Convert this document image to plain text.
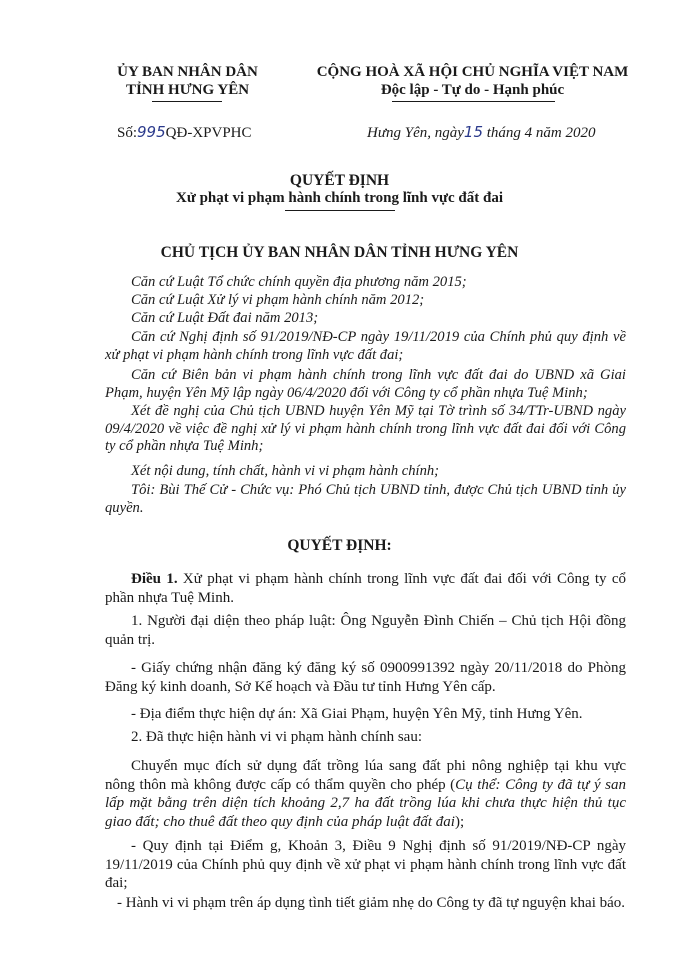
ỦY BAN NHÂN DÂN
TỈNH HƯNG YÊN
CỘNG HOÀ XÃ HỘI CHỦ NGHĨA VIỆT NAM
Độc lập - Tự do - Hạnh phúc
Số:995QĐ-XPVPHC	Hưng Yên, ngày15 tháng 4 năm 2020
QUYẾT ĐỊNH
Xử phạt vi phạm hành chính trong lĩnh vực đất đai
CHỦ TỊCH ỦY BAN NHÂN DÂN TỈNH HƯNG YÊN
Căn cứ Luật Tổ chức chính quyền địa phương năm 2015;
Căn cứ Luật Xử lý vi phạm hành chính năm 2012;
Căn cứ Luật Đất đai năm 2013;
Căn cứ Nghị định số 91/2019/NĐ-CP ngày 19/11/2019 của Chính phủ quy định về xử phạt vi phạm hành chính trong lĩnh vực đất đai;
Căn cứ Biên bản vi phạm hành chính trong lĩnh vực đất đai do UBND xã Giai Phạm, huyện Yên Mỹ lập ngày 06/4/2020 đối với Công ty cổ phần nhựa Tuệ Minh;
Xét đề nghị của Chủ tịch UBND huyện Yên Mỹ tại Tờ trình số 34/TTr-UBND ngày 09/4/2020 về việc đề nghị xử lý vi phạm hành chính trong lĩnh vực đất đai đối với Công ty cổ phần nhựa Tuệ Minh;
Xét nội dung, tính chất, hành vi vi phạm hành chính;
Tôi: Bùi Thế Cử - Chức vụ: Phó Chủ tịch UBND tỉnh, được Chủ tịch UBND tỉnh ủy quyền.
QUYẾT ĐỊNH:
Điều 1. Xử phạt vi phạm hành chính trong lĩnh vực đất đai đối với Công ty cổ phần nhựa Tuệ Minh.
1. Người đại diện theo pháp luật: Ông Nguyễn Đình Chiến – Chủ tịch Hội đồng quản trị.
- Giấy chứng nhận đăng ký đăng ký số 0900991392 ngày 20/11/2018 do Phòng Đăng ký kinh doanh, Sở Kế hoạch và Đầu tư tỉnh Hưng Yên cấp.
- Địa điểm thực hiện dự án: Xã Giai Phạm, huyện Yên Mỹ, tỉnh Hưng Yên.
2. Đã thực hiện hành vi vi phạm hành chính sau:
Chuyển mục đích sử dụng đất trồng lúa sang đất phi nông nghiệp tại khu vực nông thôn mà không được cấp có thẩm quyền cho phép (Cụ thể: Công ty đã tự ý san lấp mặt bằng trên diện tích khoảng 2,7 ha đất trồng lúa khi chưa thực hiện thủ tục giao đất; cho thuê đất theo quy định của pháp luật đất đai);
- Quy định tại Điểm g, Khoản 3, Điều 9 Nghị định số 91/2019/NĐ-CP ngày 19/11/2019 của Chính phủ quy định về xử phạt vi phạm hành chính trong lĩnh vực đất đai;
- Hành vi vi phạm trên áp dụng tình tiết giảm nhẹ do Công ty đã tự nguyện khai báo.
